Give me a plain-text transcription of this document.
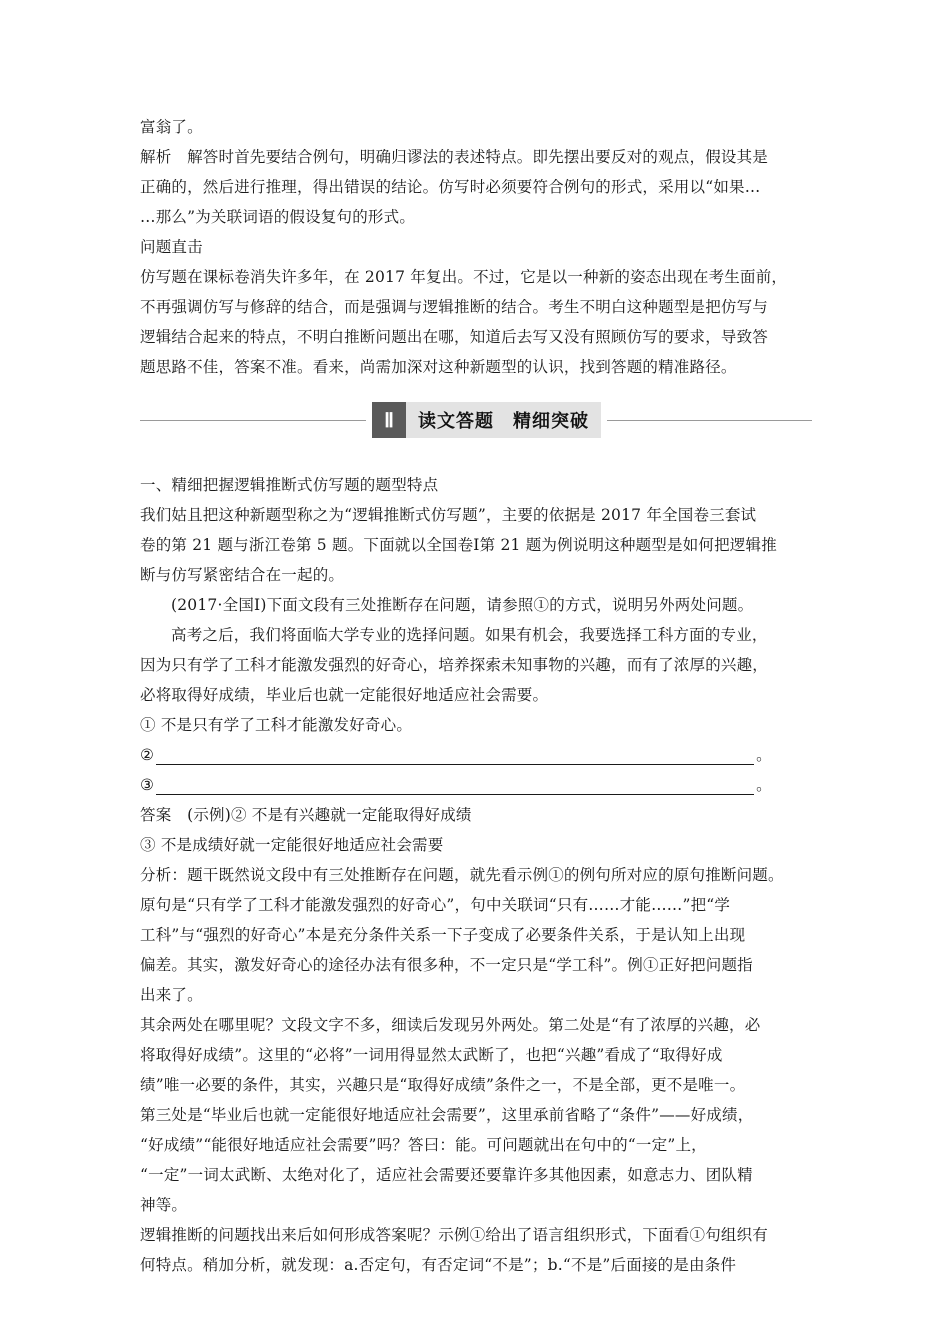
富翁了。
解析　解答时首先要结合例句，明确归谬法的表述特点。即先摆出要反对的观点，假设其是
正确的，然后进行推理，得出错误的结论。仿写时必须要符合例句的形式，采用以“如果…
…那么”为关联词语的假设复句的形式。
问题直击
仿写题在课标卷消失许多年，在 2017 年复出。不过，它是以一种新的姿态出现在考生面前，
不再强调仿写与修辞的结合，而是强调与逻辑推断的结合。考生不明白这种题型是把仿写与
逻辑结合起来的特点，不明白推断问题出在哪，知道后去写又没有照顾仿写的要求，导致答
题思路不佳，答案不准。看来，尚需加深对这种新题型的认识，找到答题的精准路径。
Ⅱ	读文答题　精细突破
一、精细把握逻辑推断式仿写题的题型特点
我们姑且把这种新题型称之为“逻辑推断式仿写题”，主要的依据是 2017 年全国卷三套试
卷的第 21 题与浙江卷第 5 题。下面就以全国卷Ⅰ第 21 题为例说明这种题型是如何把逻辑推
断与仿写紧密结合在一起的。
(2017·全国Ⅰ)下面文段有三处推断存在问题，请参照①的方式，说明另外两处问题。
高考之后，我们将面临大学专业的选择问题。如果有机会，我要选择工科方面的专业，
因为只有学了工科才能激发强烈的好奇心，培养探索未知事物的兴趣，而有了浓厚的兴趣，
必将取得好成绩，毕业后也就一定能很好地适应社会需要。
① 不是只有学了工科才能激发好奇心。
②	。
③	。
答案　(示例)② 不是有兴趣就一定能取得好成绩
③ 不是成绩好就一定能很好地适应社会需要
分析：题干既然说文段中有三处推断存在问题，就先看示例①的例句所对应的原句推断问题。
原句是“只有学了工科才能激发强烈的好奇心”，句中关联词“只有……才能……”把“学
工科”与“强烈的好奇心”本是充分条件关系一下子变成了必要条件关系，于是认知上出现
偏差。其实，激发好奇心的途径办法有很多种，不一定只是“学工科”。例①正好把问题指
出来了。
其余两处在哪里呢？文段文字不多，细读后发现另外两处。第二处是“有了浓厚的兴趣，必
将取得好成绩”。这里的“必将”一词用得显然太武断了，也把“兴趣”看成了“取得好成
绩”唯一必要的条件，其实，兴趣只是“取得好成绩”条件之一，不是全部，更不是唯一。
第三处是“毕业后也就一定能很好地适应社会需要”，这里承前省略了“条件”——好成绩，
“好成绩”“能很好地适应社会需要”吗？答曰：能。可问题就出在句中的“一定”上，
“一定”一词太武断、太绝对化了，适应社会需要还要靠许多其他因素，如意志力、团队精
神等。
逻辑推断的问题找出来后如何形成答案呢？示例①给出了语言组织形式，下面看①句组织有
何特点。稍加分析，就发现：a.否定句，有否定词“不是”；b.“不是”后面接的是由条件
